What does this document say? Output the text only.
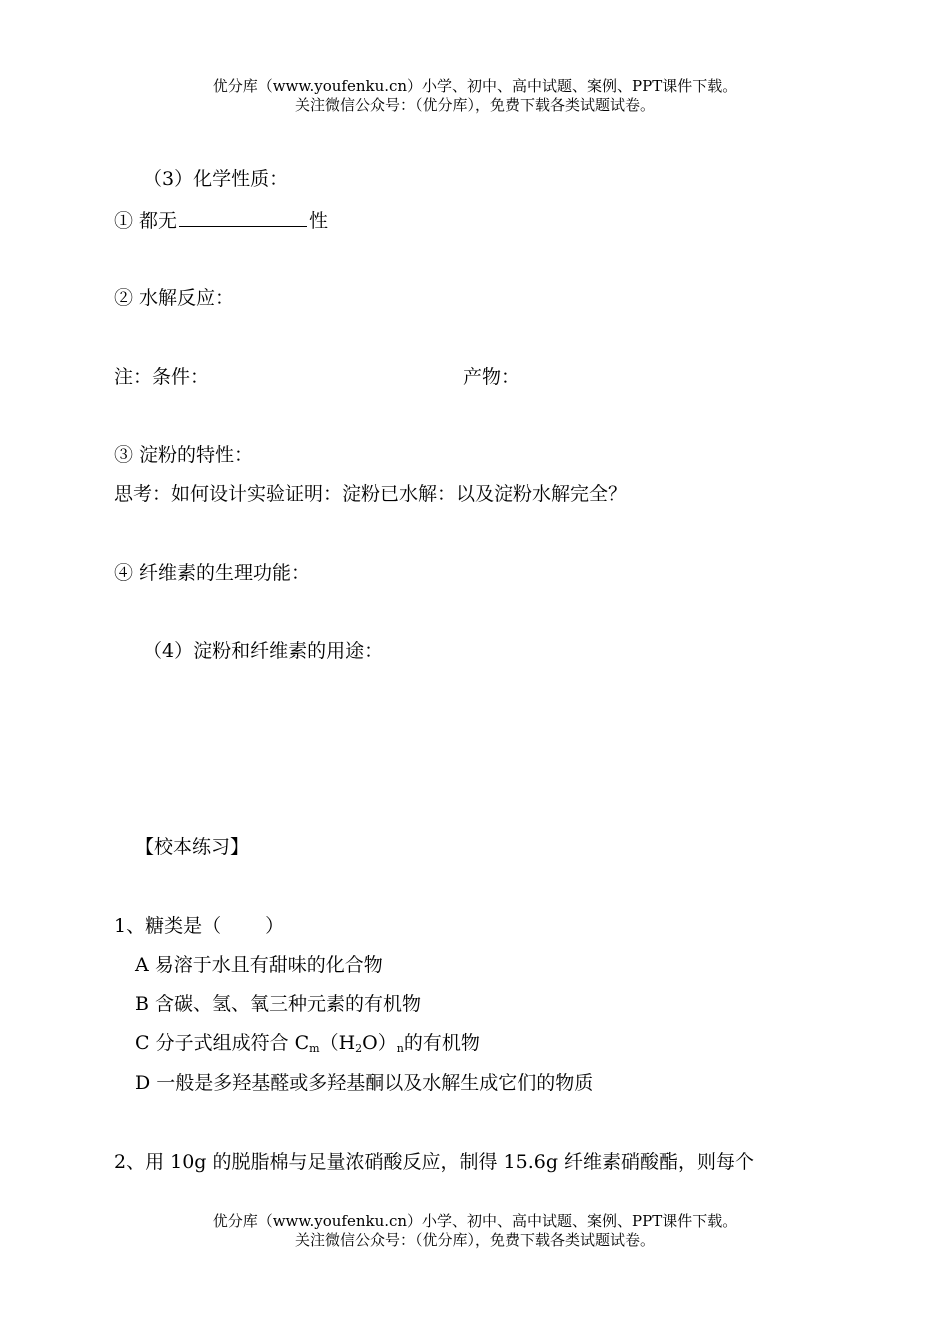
优分库（www.youfenku.cn）小学、初中、高中试题、案例、PPT课件下载。
关注微信公众号：（优分库），免费下载各类试题试卷。
（3）化学性质：
① 都无	性
② 水解反应：
注：条件：	产物：
③ 淀粉的特性：
思考：如何设计实验证明：淀粉已水解：以及淀粉水解完全？
④ 纤维素的生理功能：
（4）淀粉和纤维素的用途：
【校本练习】
1、糖类是（ ）
A 易溶于水且有甜味的化合物
B 含碳、氢、氧三种元素的有机物
C 分子式组成符合 $C_m(H_2O)_n$的有机物
D 一般是多羟基醛或多羟基酮以及水解生成它们的物质
2、用 10g 的脱脂棉与足量浓硝酸反应，制得 15.6g 纤维素硝酸酯，则每个
优分库（www.youfenku.cn）小学、初中、高中试题、案例、PPT课件下载。
关注微信公众号：（优分库），免费下载各类试题试卷。
